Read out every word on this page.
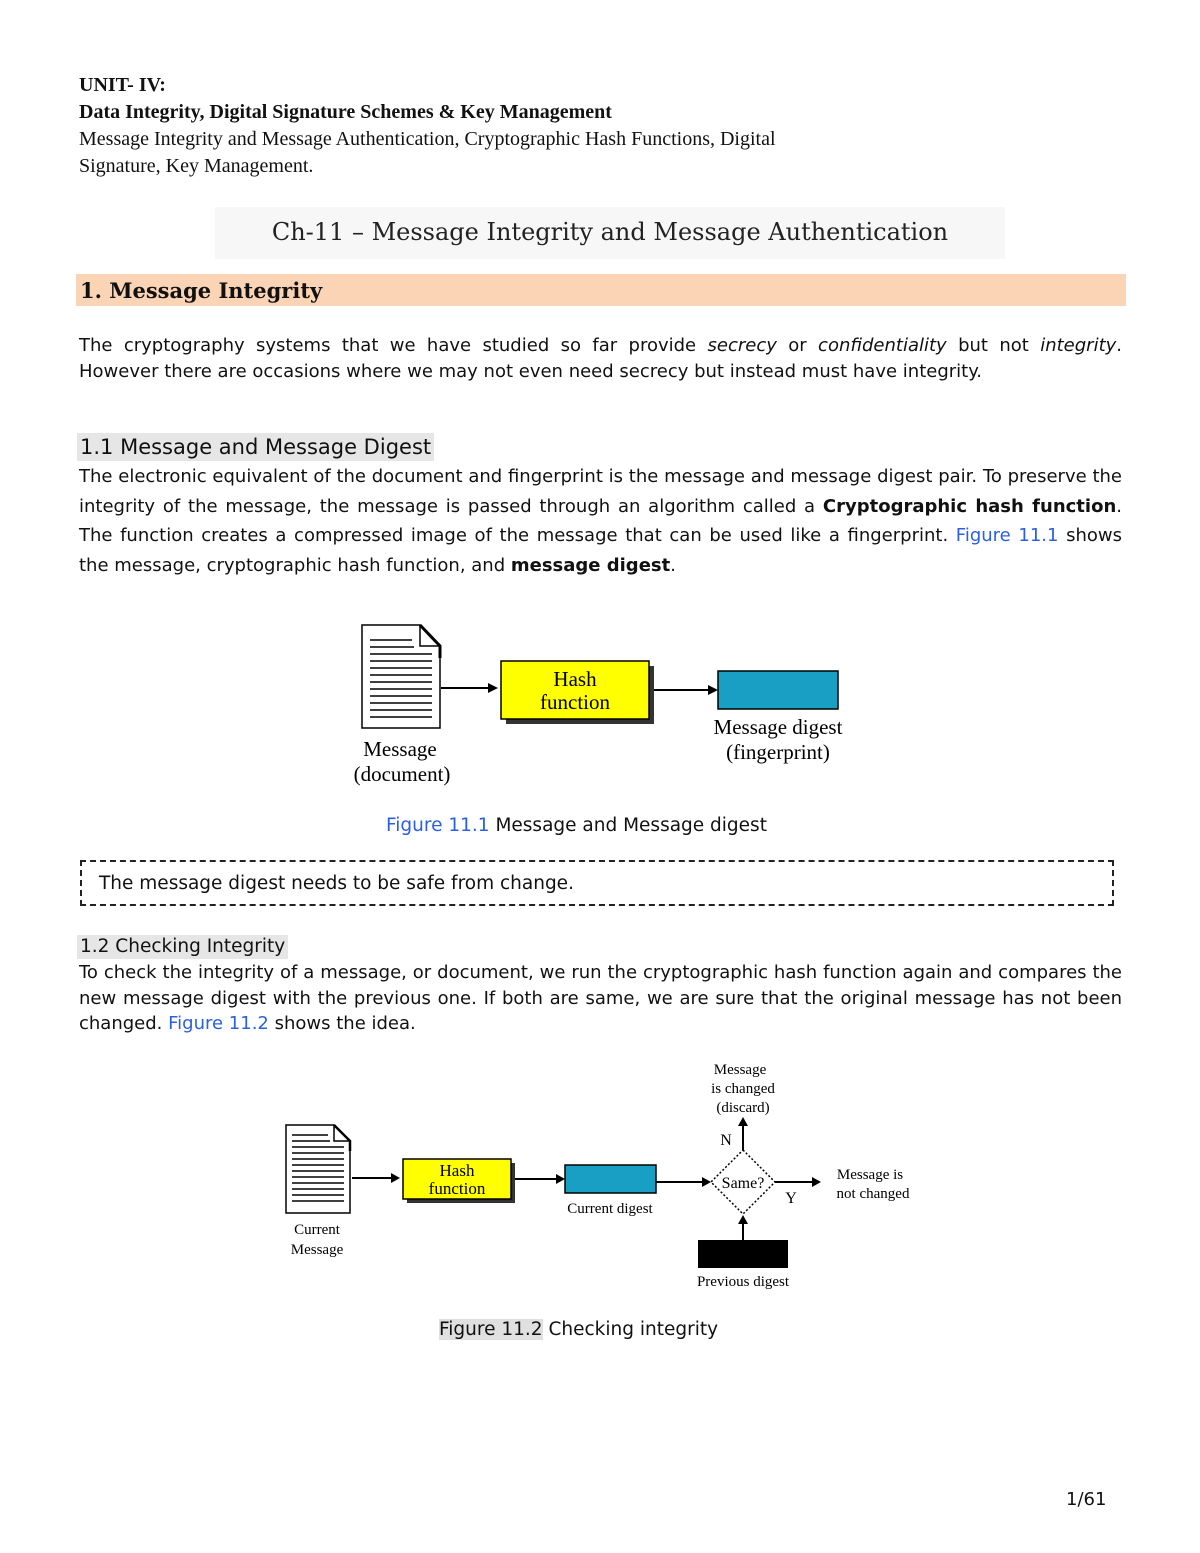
UNIT- IV:
Data Integrity, Digital Signature Schemes & Key Management
Message Integrity and Message Authentication, Cryptographic Hash Functions, Digital
Signature, Key Management.
Ch-11 – Message Integrity and Message Authentication
1. Message Integrity
The cryptography systems that we have studied so far provide secrecy or confidentiality but not integrity. However there are occasions where we may not even need secrecy but instead must have integrity.
1.1 Message and Message Digest
The electronic equivalent of the document and fingerprint is the message and message digest pair. To preserve the integrity of the message, the message is passed through an algorithm called a Cryptographic hash function. The function creates a compressed image of the message that can be used like a fingerprint. Figure 11.1 shows the message, cryptographic hash function, and message digest.
Hash
function
Message
(document)
Message digest
(fingerprint)
Figure 11.1 Message and Message digest
The message digest needs to be safe from change.
1.2 Checking Integrity
To check the integrity of a message, or document, we run the cryptographic hash function again and compares the new message digest with the previous one. If both are same, we are sure that the original message has not been changed. Figure 11.2 shows the idea.
Hash
function	Same?
N
Y
Message
is changed
(discard)
Message is
not changed
Current digest
Previous digest
Current
Message
Figure 11.2 Checking integrity
1/61
